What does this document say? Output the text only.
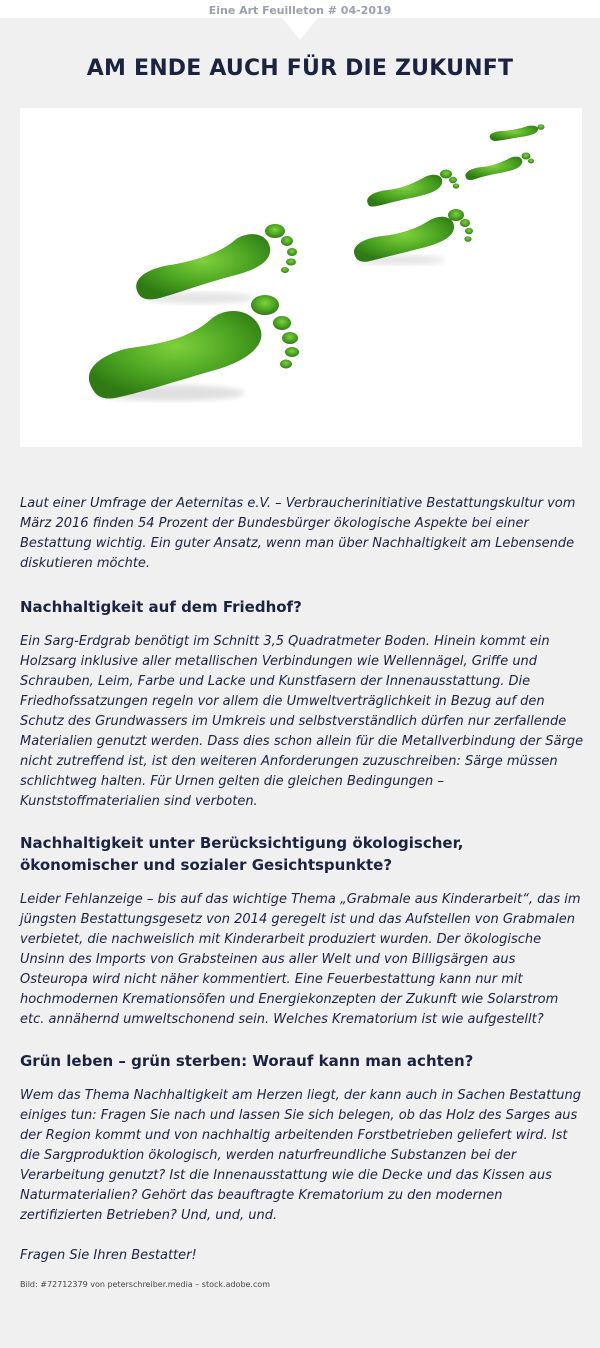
Eine Art Feuilleton # 04-2019
AM ENDE AUCH FÜR DIE ZUKUNFT

Laut einer Umfrage der Aeternitas e.V. – Verbraucherinitiative Bestattungskultur vom März 2016 finden 54 Prozent der Bundesbürger ökologische Aspekte bei einer Bestattung wichtig. Ein guter Ansatz, wenn man über Nachhaltigkeit am Lebensende diskutieren möchte.

Nachhaltigkeit auf dem Friedhof?

Ein Sarg-Erdgrab benötigt im Schnitt 3,5 Quadratmeter Boden. Hinein kommt ein Holzsarg inklusive aller metallischen Verbindungen wie Wellennägel, Griffe und Schrauben, Leim, Farbe und Lacke und Kunstfasern der Innenausstattung. Die Friedhofssatzungen regeln vor allem die Umweltverträglichkeit in Bezug auf den Schutz des Grundwassers im Umkreis und selbstverständlich dürfen nur zerfallende Materialien genutzt werden. Dass dies schon allein für die Metallverbindung der Särge nicht zutreffend ist, ist den weiteren Anforderungen zuzuschreiben: Särge müssen schlichtweg halten. Für Urnen gelten die gleichen Bedingungen – Kunststoffmaterialien sind verboten.

Nachhaltigkeit unter Berücksichtigung ökologischer, ökonomischer und sozialer Gesichtspunkte?

Leider Fehlanzeige – bis auf das wichtige Thema „Grabmale aus Kinderarbeit“, das im jüngsten Bestattungsgesetz von 2014 geregelt ist und das Aufstellen von Grabmalen verbietet, die nachweislich mit Kinderarbeit produziert wurden. Der ökologische Unsinn des Imports von Grabsteinen aus aller Welt und von Billigsärgen aus Osteuropa wird nicht näher kommentiert. Eine Feuerbestattung kann nur mit hochmodernen Kremationsöfen und Energiekonzepten der Zukunft wie Solarstrom etc. annähernd umweltschonend sein. Welches Krematorium ist wie aufgestellt?

Grün leben – grün sterben: Worauf kann man achten?

Wem das Thema Nachhaltigkeit am Herzen liegt, der kann auch in Sachen Bestattung einiges tun: Fragen Sie nach und lassen Sie sich belegen, ob das Holz des Sarges aus der Region kommt und von nachhaltig arbeitenden Forstbetrieben geliefert wird. Ist die Sargproduktion ökologisch, werden naturfreundliche Substanzen bei der Verarbeitung genutzt? Ist die Innenausstattung wie die Decke und das Kissen aus Naturmaterialien? Gehört das beauftragte Krematorium zu den modernen zertifizierten Betrieben? Und, und, und.

Fragen Sie Ihren Bestatter!

Bild: #72712379 von peterschreiber.media – stock.adobe.com
